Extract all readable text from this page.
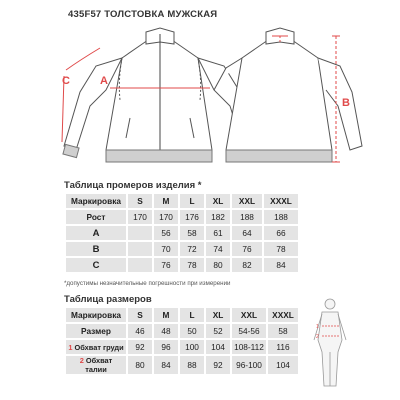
435F57 ТОЛСТОВКА МУЖСКАЯ
C	A
B
1
2
Таблица промеров изделия *
Маркировка	S	M	L	XL	XXL	XXXL
Рост	170	170	176	182	188	188
A		56	58	61	64	66
B		70	72	74	76	78
C		76	78	80	82	84
*допустимы незначительные погрешности при измерении
Таблица размеров
Маркировка	S	M	L	XL	XXL	XXXL
Размер	46	48	50	52	54-56	58
1 Обхват груди	92	96	100	104	108-112	116
2 Обхват талии	80	84	88	92	96-100	104
